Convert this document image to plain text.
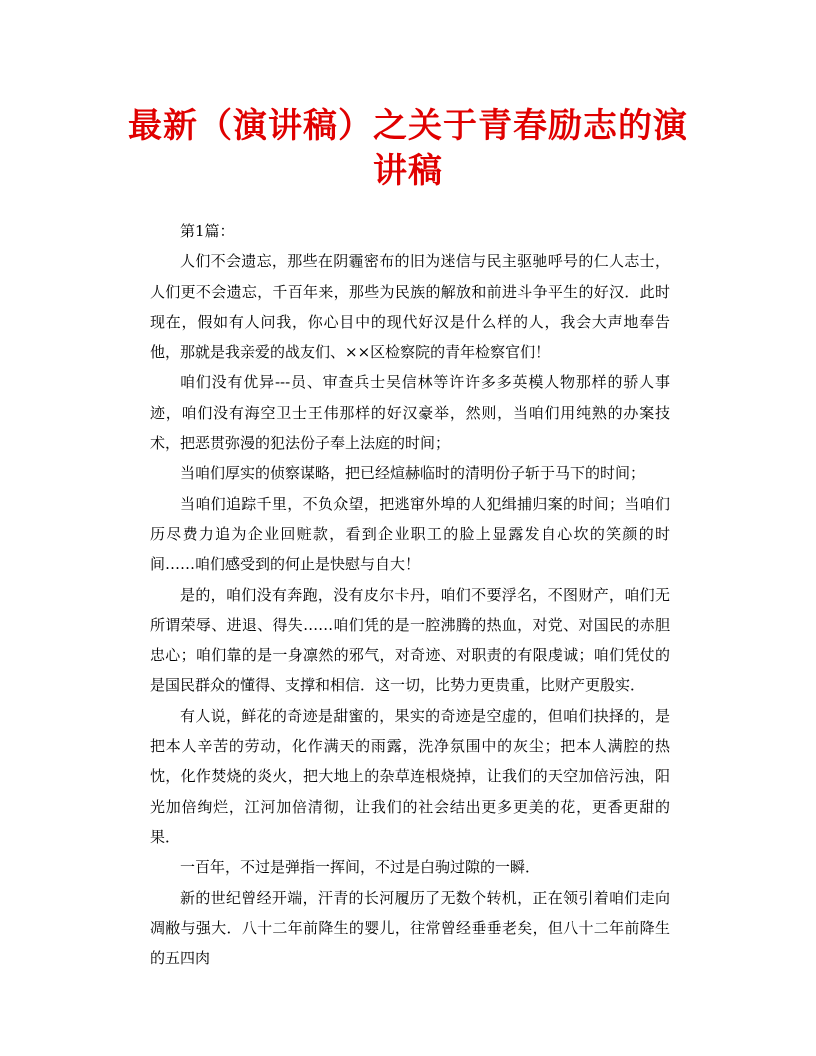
最新（演讲稿）之关于青春励志的演讲稿

第1篇：

人们不会遗忘，那些在阴霾密布的旧为迷信与民主驱驰呼号的仁人志士，人们更不会遗忘，千百年来，那些为民族的解放和前进斗争平生的好汉．此时现在，假如有人问我，你心目中的现代好汉是什么样的人，我会大声地奉告他，那就是我亲爱的战友们、××区检察院的青年检察官们！

咱们没有优异---员、审查兵士吴信林等许许多多英模人物那样的骄人事迹，咱们没有海空卫士王伟那样的好汉豪举，然则，当咱们用纯熟的办案技术，把恶贯弥漫的犯法份子奉上法庭的时间；

当咱们厚实的侦察谋略，把已经煊赫临时的清明份子斩于马下的时间；

当咱们追踪千里，不负众望，把逃窜外埠的人犯缉捕归案的时间；当咱们历尽费力追为企业回赃款，看到企业职工的脸上显露发自心坎的笑颜的时间……咱们感受到的何止是快慰与自大！

是的，咱们没有奔跑，没有皮尔卡丹，咱们不要浮名，不图财产，咱们无所谓荣辱、进退、得失……咱们凭的是一腔沸腾的热血，对党、对国民的赤胆忠心；咱们靠的是一身凛然的邪气，对奇迹、对职责的有限虔诚；咱们凭仗的是国民群众的懂得、支撑和相信．这一切，比势力更贵重，比财产更殷实．

有人说，鲜花的奇迹是甜蜜的，果实的奇迹是空虚的，但咱们抉择的，是把本人辛苦的劳动，化作满天的雨露，洗净氛围中的灰尘；把本人满腔的热忱，化作焚烧的炎火，把大地上的杂草连根烧掉，让我们的天空加倍污浊，阳光加倍绚烂，江河加倍清彻，让我们的社会结出更多更美的花，更香更甜的果．

一百年，不过是弹指一挥间，不过是白驹过隙的一瞬．

新的世纪曾经开端，汗青的长河履历了无数个转机，正在领引着咱们走向凋敝与强大．八十二年前降生的婴儿，往常曾经垂垂老矣，但八十二年前降生的五四肉
